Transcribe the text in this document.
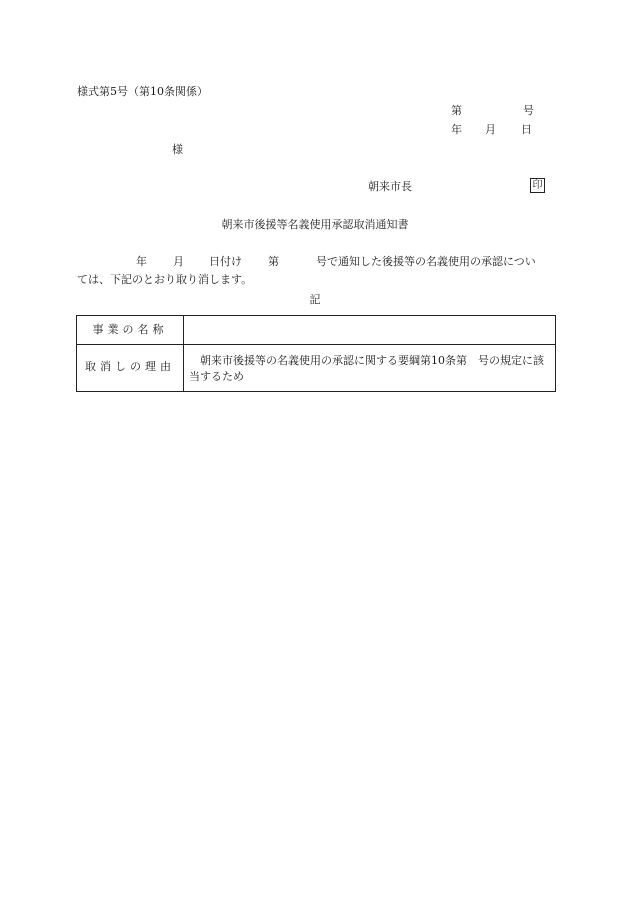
様式第5号（第10条関係）
第	号
年 月 日
様
朝来市長	印
朝来市後援等名義使用承認取消通知書
年 月 日付け 第	号で通知した後援等の名義使用の承認につい
ては、下記のとおり取り消します。
記
事業の名称
取消しの理由	朝来市後援等の名義使用の承認に関する要綱第10条第　号の規定に該当するため
